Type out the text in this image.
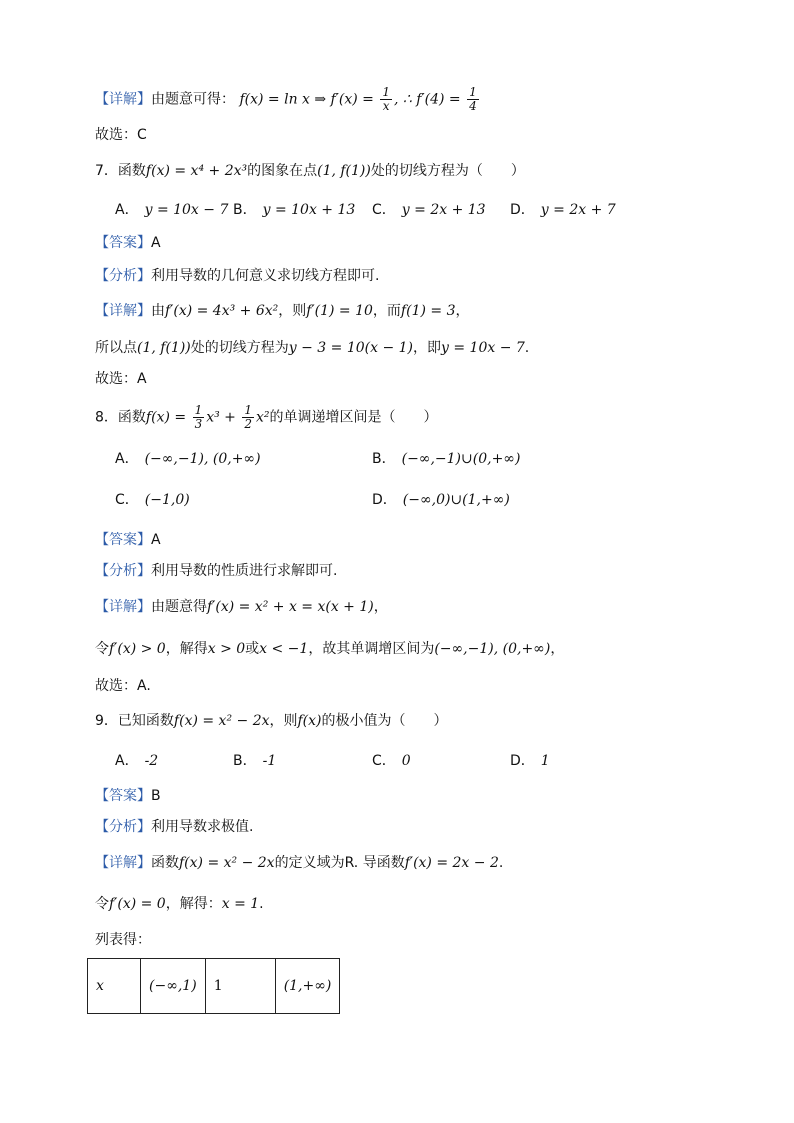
【详解】由题意可得： f(x) = ln x ⇒ $f'(x) = \frac{1}{x}$ , ∴ $f'(4) = \frac{1}{4}$
故选：C
7．函数f(x) = x⁴ + 2x³的图象在点(1, f(1))处的切线方程为（　　）
A． y = 10x − 7 B． y = 10x + 13 C． y = 2x + 13 D． y = 2x + 7
【答案】A
【分析】利用导数的几何意义求切线方程即可.
【详解】由f′(x) = 4x³ + 6x²，则f′(1) = 10，而f(1) = 3，
所以点(1, f(1))处的切线方程为y − 3 = 10(x − 1)，即y = 10x − 7.
故选：A
8．函数$f(x) = \frac{1}{3} x^3 + \frac{1}{2} x^2$的单调递增区间是（　　）
A． (−∞,−1), (0,+∞)	B． (−∞,−1)∪(0,+∞)
C． (−1,0)	D． (−∞,0)∪(1,+∞)
【答案】A
【分析】利用导数的性质进行求解即可.
【详解】由题意得f′(x) = x² + x = x(x + 1)，
令f′(x) > 0，解得x > 0或x < −1，故其单调增区间为(−∞,−1), (0,+∞)，
故选：A.
9．已知函数f(x) = x² − 2x，则f(x)的极小值为（　　）
A． -2	B． -1	C． 0	D． 1
【答案】B
【分析】利用导数求极值.
【详解】函数f(x) = x² − 2x的定义域为R. 导函数f′(x) = 2x − 2.
令f′(x) = 0，解得：x = 1.
列表得：
x	(−∞,1)	1	(1,+∞)
